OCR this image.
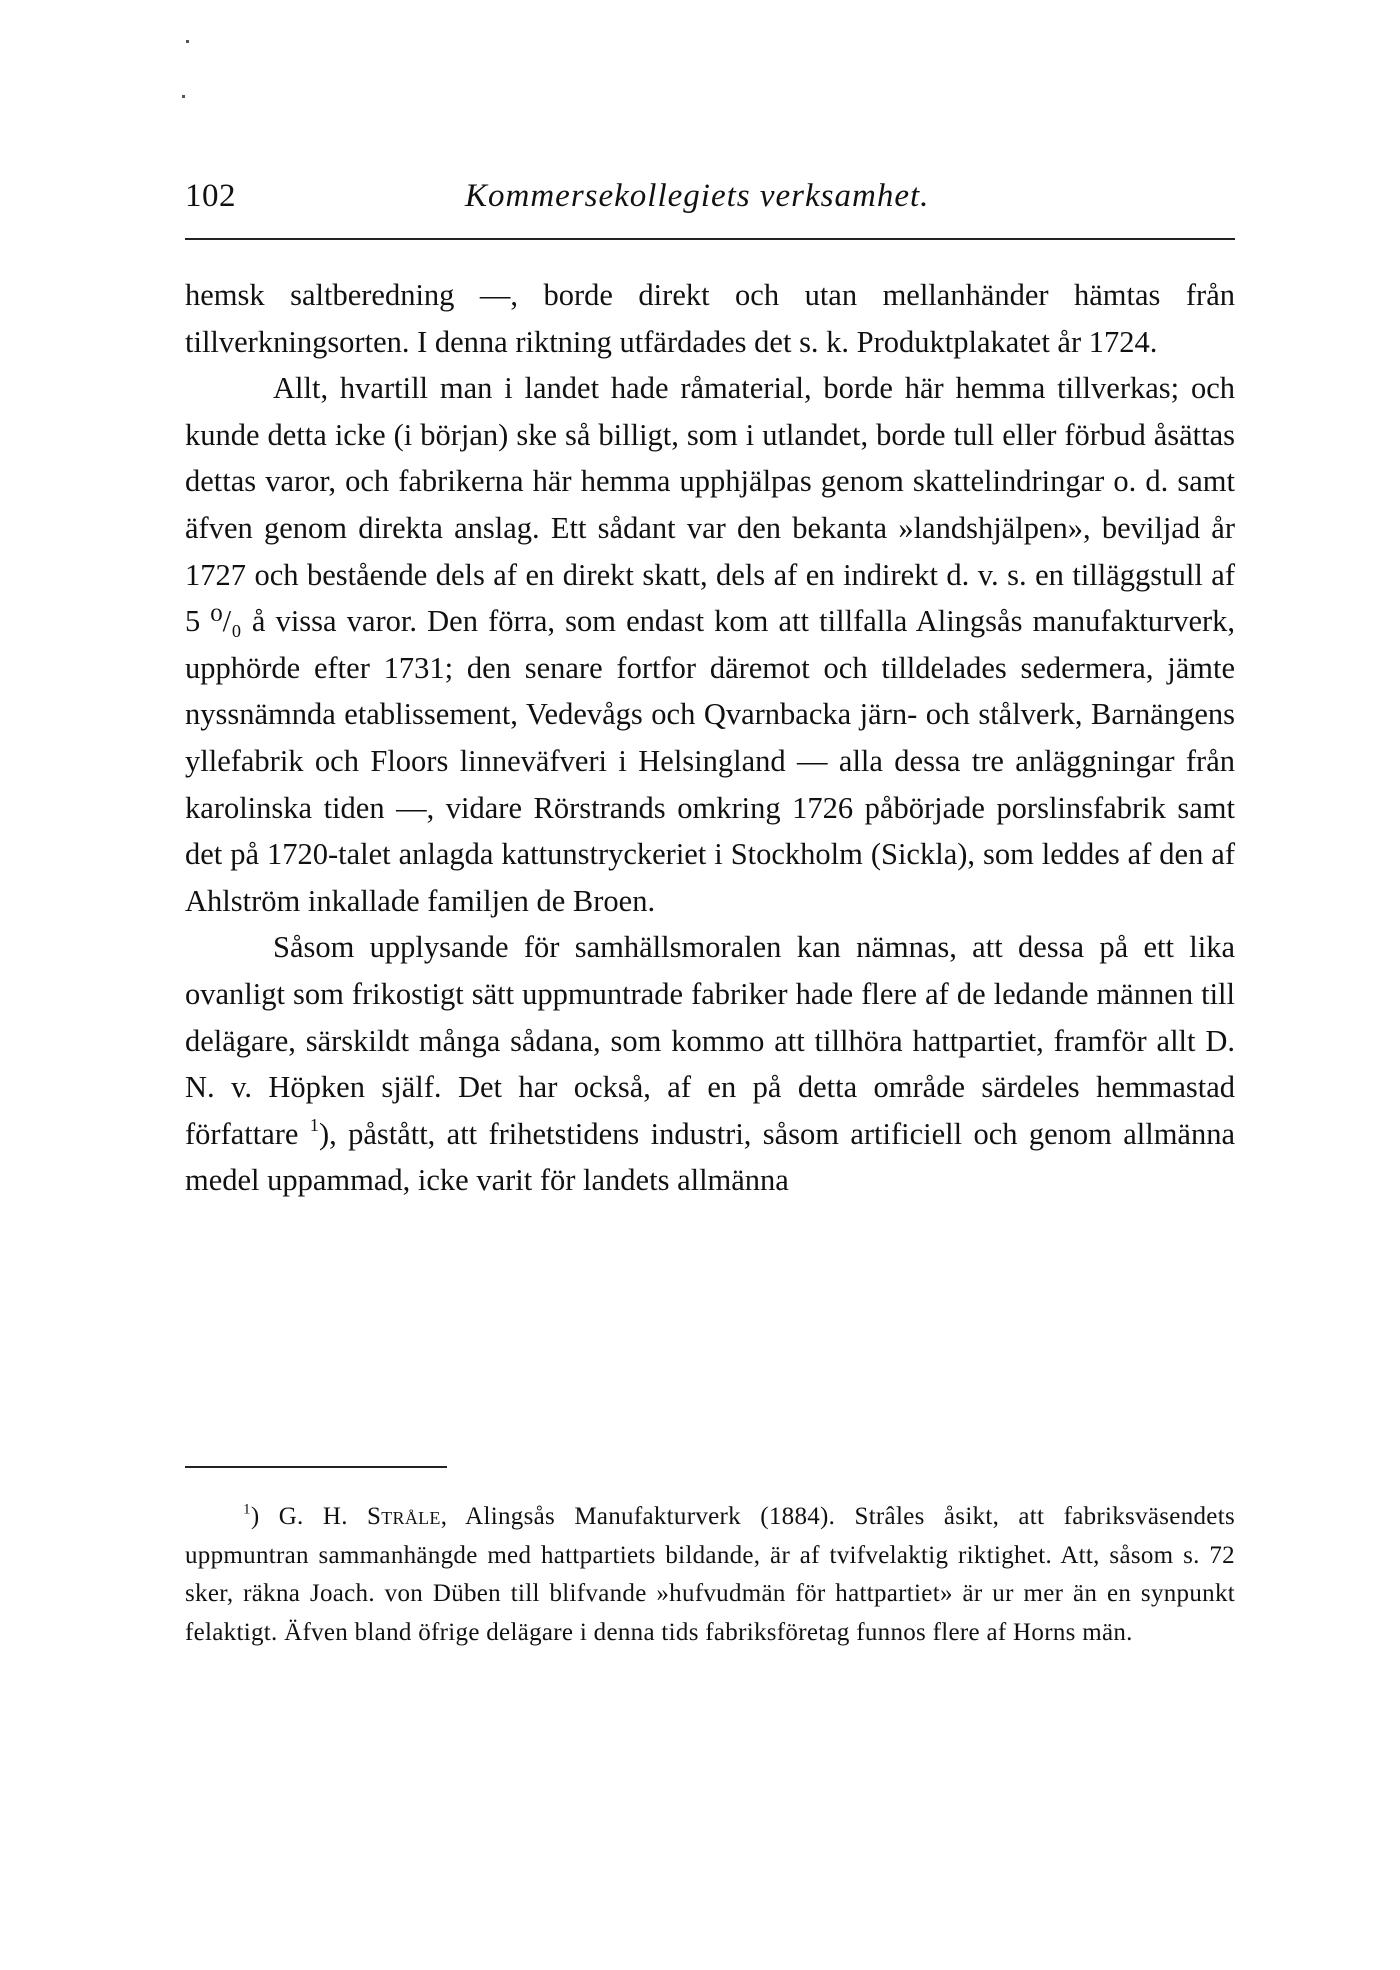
102	Kommersekollegiets verksamhet.

hemsk saltberedning —, borde direkt och utan mellanhänder hämtas från tillverkningsorten. I denna riktning utfärdades det s. k. Produktplakatet år 1724.

Allt, hvartill man i landet hade råmaterial, borde här hemma tillverkas; och kunde detta icke (i början) ske så billigt, som i utlandet, borde tull eller förbud åsättas dettas varor, och fabrikerna här hemma upphjälpas genom skattelindringar o. d. samt äfven genom direkta anslag. Ett sådant var den bekanta »landshjälpen», beviljad år 1727 och bestående dels af en direkt skatt, dels af en indirekt d. v. s. en tilläggstull af 5 ⁰/₀ å vissa varor. Den förra, som endast kom att tillfalla Alingsås manufakturverk, upphörde efter 1731; den senare fortfor däremot och tilldelades sedermera, jämte nyssnämnda etablissement, Vedevågs och Qvarnbacka järn- och stålverk, Barnängens yllefabrik och Floors linneväfveri i Helsingland — alla dessa tre anläggningar från karolinska tiden —, vidare Rörstrands omkring 1726 påbörjade porslinsfabrik samt det på 1720-talet anlagda kattunstryckeriet i Stockholm (Sickla), som leddes af den af Ahlström inkallade familjen de Broen.

Såsom upplysande för samhällsmoralen kan nämnas, att dessa på ett lika ovanligt som frikostigt sätt uppmuntrade fabriker hade flere af de ledande männen till delägare, särskildt många sådana, som kommo att tillhöra hattpartiet, framför allt D. N. v. Höpken själf. Det har också, af en på detta område särdeles hemmastad författare $^1$), påstått, att frihetstidens industri, såsom artificiell och genom allmänna medel uppammad, icke varit för landets allmänna

$^1$) G. H. Stråle, Alingsås Manufakturverk (1884). Strâles åsikt, att fabriksväsendets uppmuntran sammanhängde med hattpartiets bildande, är af tvifvelaktig riktighet. Att, såsom s. 72 sker, räkna Joach. von Düben till blifvande »hufvudmän för hattpartiet» är ur mer än en synpunkt felaktigt. Äfven bland öfrige delägare i denna tids fabriksföretag funnos flere af Horns män.
